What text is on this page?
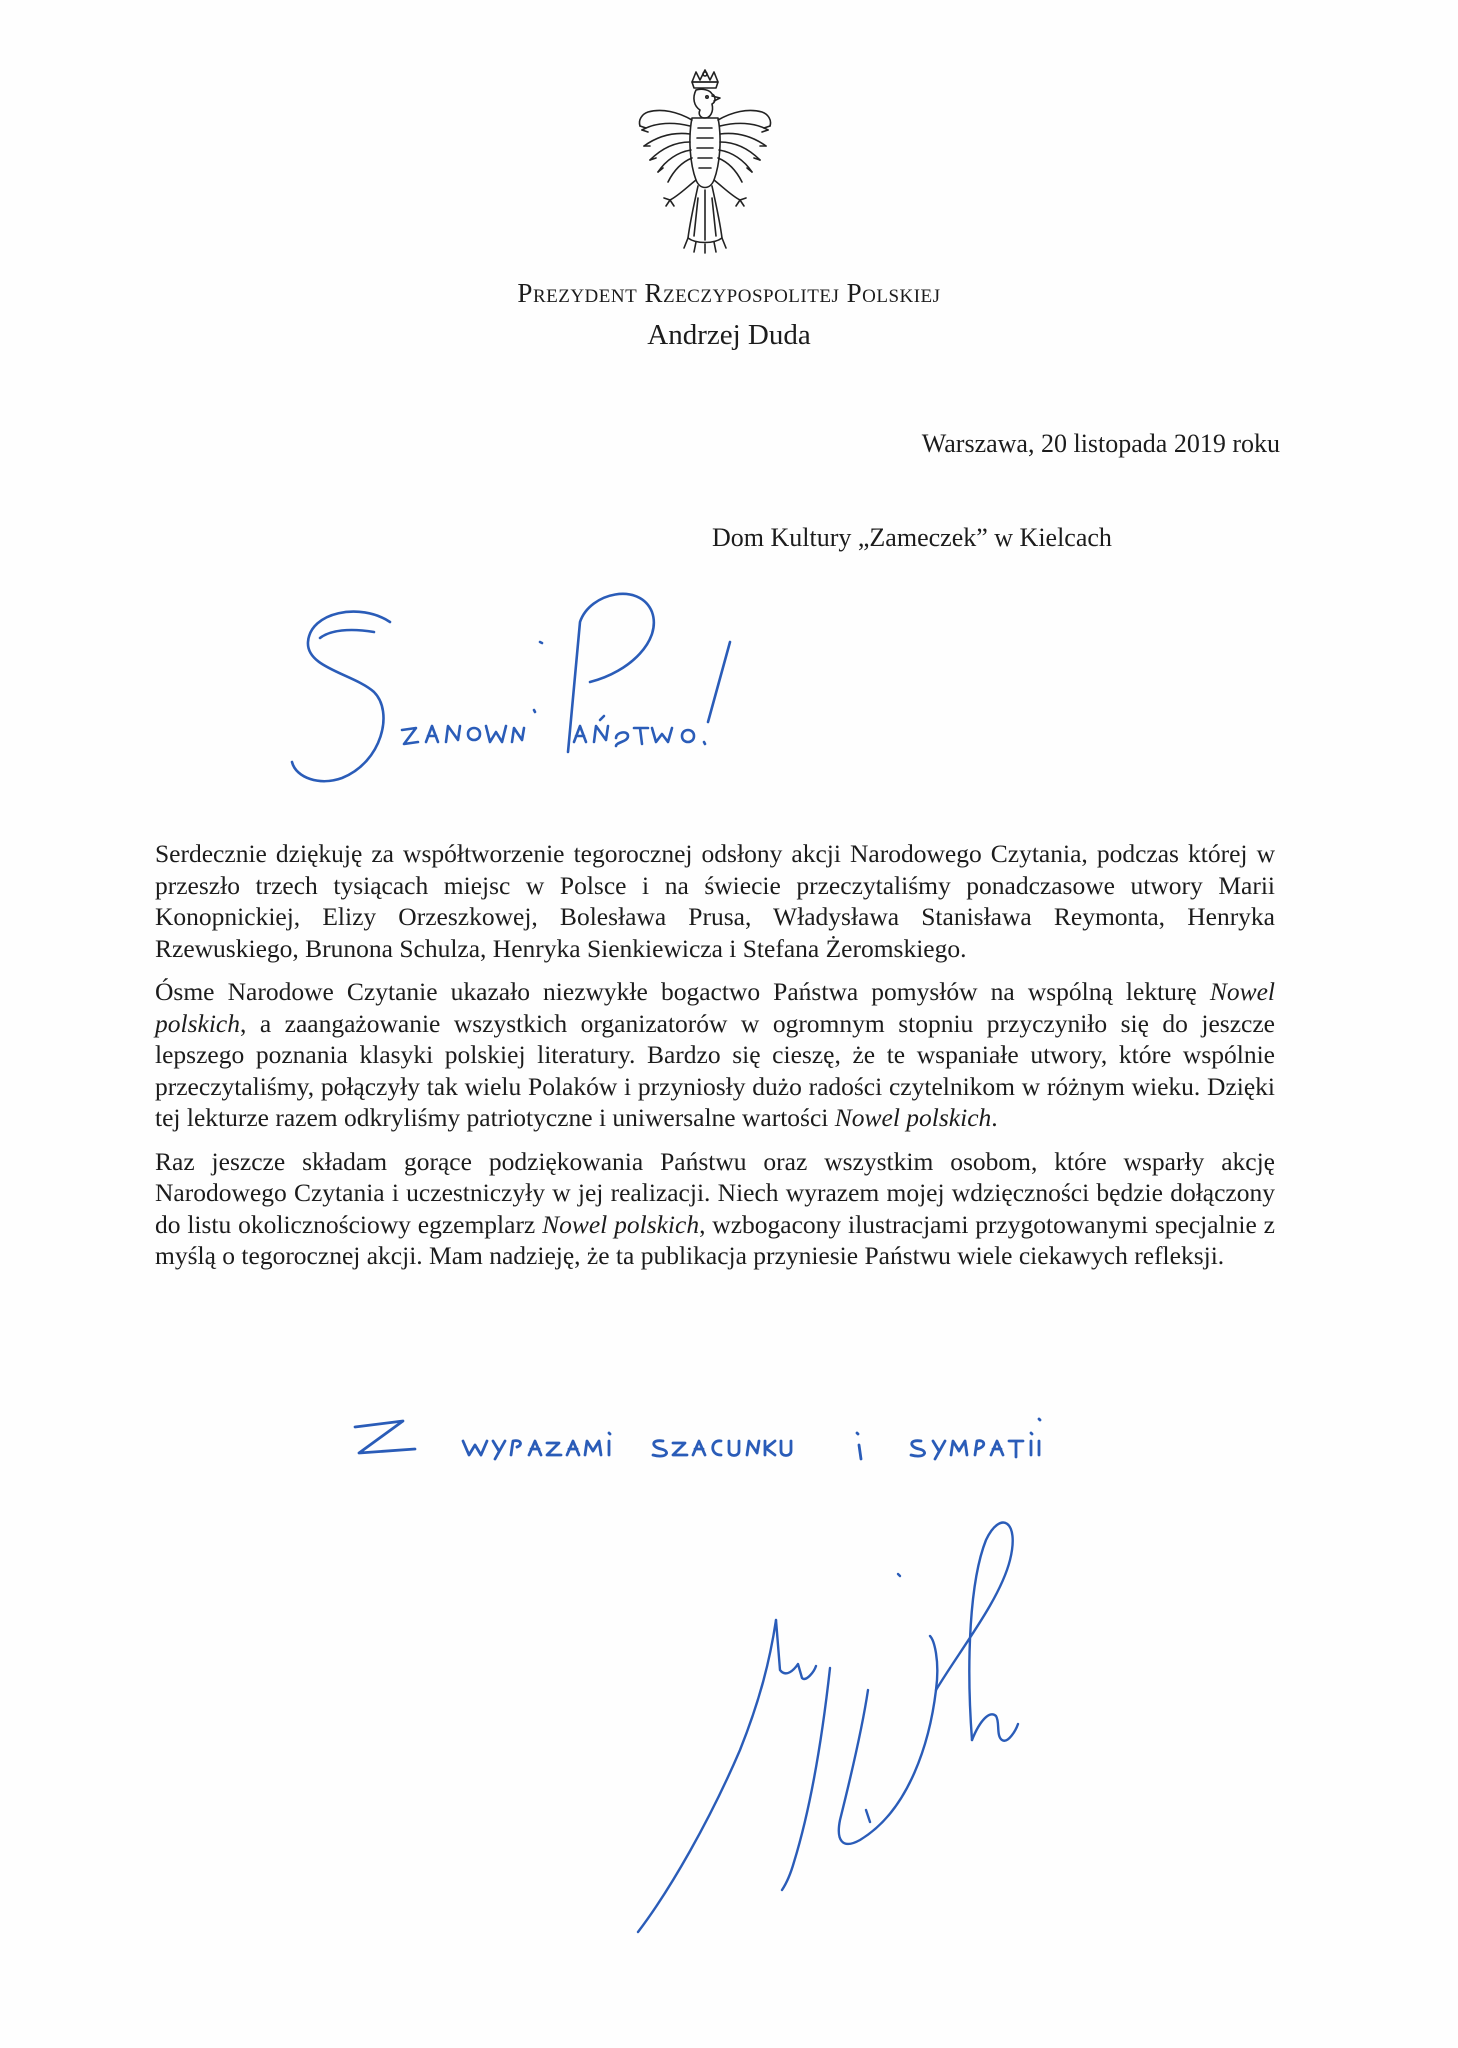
Prezydent Rzeczypospolitej Polskiej
Andrzej Duda
Warszawa, 20 listopada 2019 roku
Dom Kultury „Zameczek” w Kielcach

Serdecznie dziękuję za współtworzenie tegorocznej odsłony akcji Narodowego Czytania, podczas której w przeszło trzech tysiącach miejsc w Polsce i na świecie przeczytaliśmy ponadczasowe utwory Marii Konopnickiej, Elizy Orzeszkowej, Bolesława Prusa, Władysława Stanisława Reymonta, Henryka Rzewuskiego, Brunona Schulza, Henryka Sienkiewicza i Stefana Żeromskiego.

Ósme Narodowe Czytanie ukazało niezwykłe bogactwo Państwa pomysłów na wspólną lekturę Nowel polskich, a zaangażowanie wszystkich organizatorów w ogromnym stopniu przyczyniło się do jeszcze lepszego poznania klasyki polskiej literatury. Bardzo się cieszę, że te wspaniałe utwory, które wspólnie przeczytaliśmy, połączyły tak wielu Polaków i przyniosły dużo radości czytelnikom w różnym wieku. Dzięki tej lekturze razem odkryliśmy patriotyczne i uniwersalne wartości Nowel polskich.

Raz jeszcze składam gorące podziękowania Państwu oraz wszystkim osobom, które wsparły akcję Narodowego Czytania i uczestniczyły w jej realizacji. Niech wyrazem mojej wdzięczności będzie dołączony do listu okolicznościowy egzemplarz Nowel polskich, wzbogacony ilustracjami przygotowanymi specjalnie z myślą o tegorocznej akcji. Mam nadzieję, że ta publikacja przyniesie Państwu wiele ciekawych refleksji.
